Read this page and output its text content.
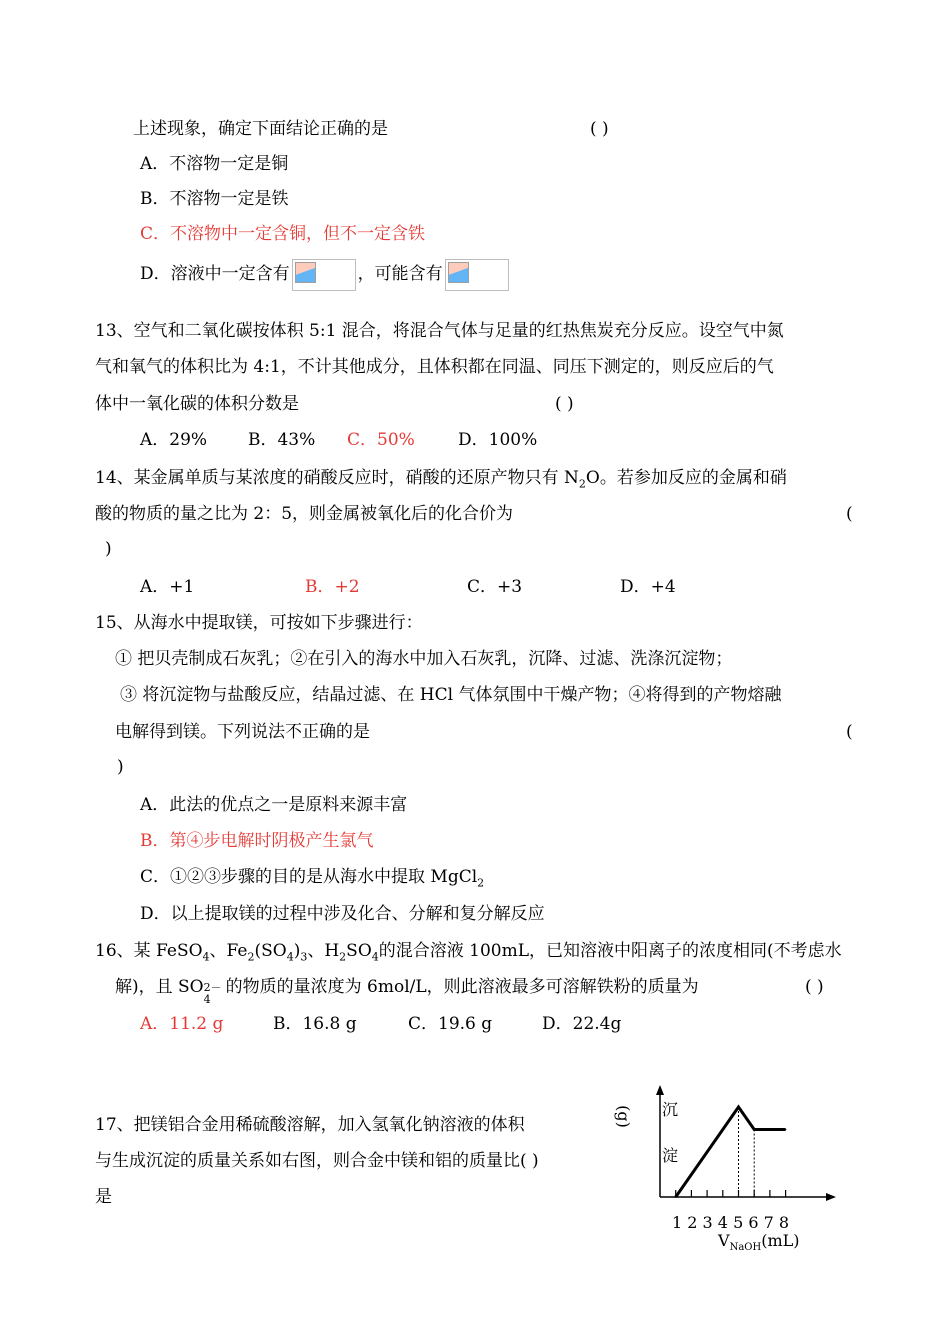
上述现象，确定下面结论正确的是	( )
A．不溶物一定是铜
B．不溶物一定是铁
C．不溶物中一定含铜，但不一定含铁
D．溶液中一定含有	，可能含有
13、空气和二氧化碳按体积 5:1 混合，将混合气体与足量的红热焦炭充分反应。设空气中氮
气和氧气的体积比为 4:1，不计其他成分，且体积都在同温、同压下测定的，则反应后的气
体中一氧化碳的体积分数是	( )
A．29% B．43% C．50%	D．100%
14、某金属单质与某浓度的硝酸反应时，硝酸的还原产物只有 $N_2O$。若参加反应的金属和硝
酸的物质的量之比为 2：5，则金属被氧化后的化合价为	(
)
A．+1	B．+2	C．+3	D．+4
15、从海水中提取镁，可按如下步骤进行：
① 把贝壳制成石灰乳；②在引入的海水中加入石灰乳，沉降、过滤、洗涤沉淀物；
③ 将沉淀物与盐酸反应，结晶过滤、在 HCl 气体氛围中干燥产物；④将得到的产物熔融
电解得到镁。下列说法不正确的是	(
)
A．此法的优点之一是原料来源丰富
B．第④步电解时阴极产生氯气
C．①②③步骤的目的是从海水中提取 MgCl$_2$
D．以上提取镁的过程中涉及化合、分解和复分解反应
16、某 FeSO$_4$、$Fe_2(SO_4)_3$、$H_2SO_4$的混合溶液 100mL，已知溶液中阳离子的浓度相同(不考虑水
解)，且 SO 2－
4
的物质的量浓度为 6mol/L，则此溶液最多可溶解铁粉的质量为	( )
A．11.2 g	B．16.8 g	C．19.6 g	D．22.4g
17、把镁铝合金用稀硫酸溶解，加入氢氧化钠溶液的体积
与生成沉淀的质量关系如右图，则合金中镁和铝的质量比( )
是
(g) 沉
淀
1 2 3 4 5 6 7 8
$V_{NaOH}(mL)$
